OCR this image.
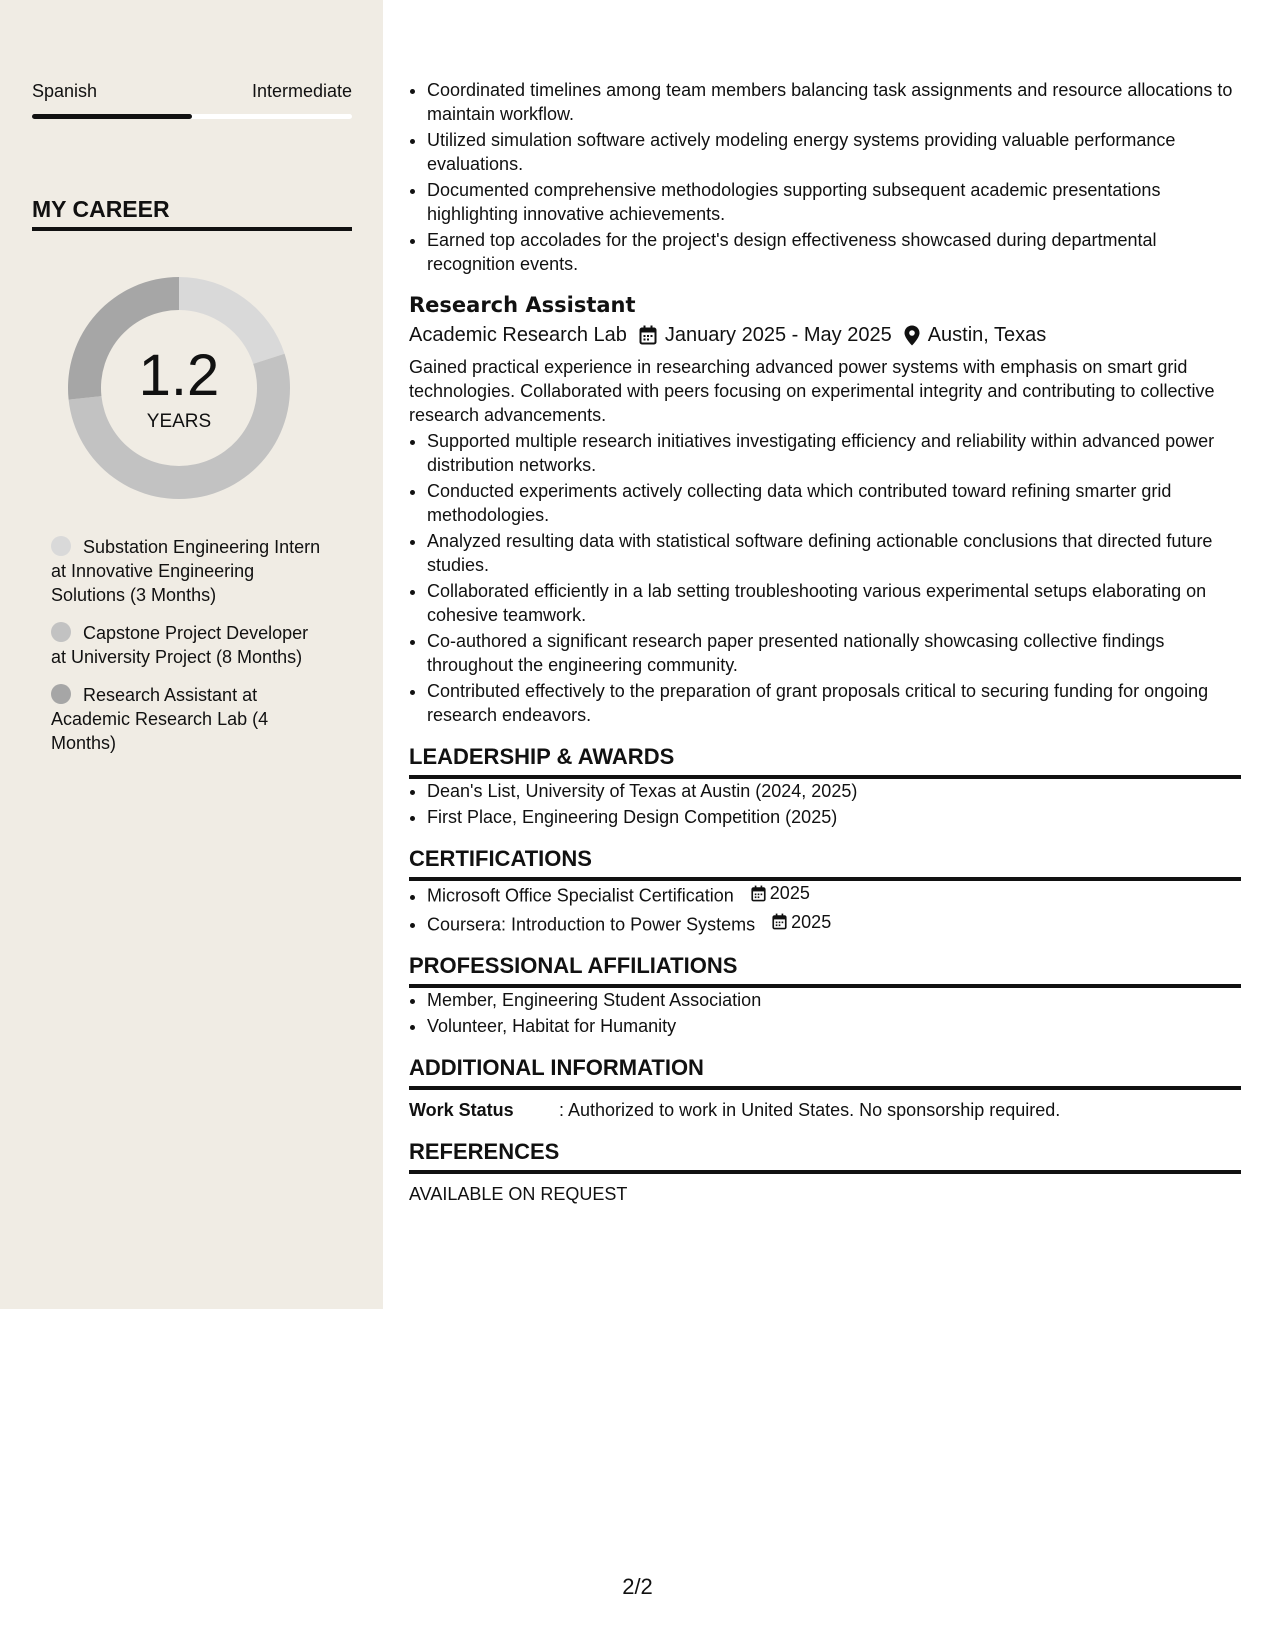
Spanish	Intermediate
MY CAREER
1.2
YEARS
Substation Engineering Intern at Innovative Engineering Solutions (3 Months)
Capstone Project Developer at University Project (8 Months)
Research Assistant at Academic Research Lab (4 Months)
• Coordinated timelines among team members balancing task assignments and resource allocations to maintain workflow.
• Utilized simulation software actively modeling energy systems providing valuable performance evaluations.
• Documented comprehensive methodologies supporting subsequent academic presentations highlighting innovative achievements.
• Earned top accolades for the project's design effectiveness showcased during departmental recognition events.
Research Assistant
Academic Research Lab January 2025 - May 2025 Austin, Texas
Gained practical experience in researching advanced power systems with emphasis on smart grid technologies. Collaborated with peers focusing on experimental integrity and contributing to collective research advancements.
• Supported multiple research initiatives investigating efficiency and reliability within advanced power distribution networks.
• Conducted experiments actively collecting data which contributed toward refining smarter grid methodologies.
• Analyzed resulting data with statistical software defining actionable conclusions that directed future studies.
• Collaborated efficiently in a lab setting troubleshooting various experimental setups elaborating on cohesive teamwork.
• Co-authored a significant research paper presented nationally showcasing collective findings throughout the engineering community.
• Contributed effectively to the preparation of grant proposals critical to securing funding for ongoing research endeavors.
LEADERSHIP & AWARDS
• Dean's List, University of Texas at Austin (2024, 2025)
• First Place, Engineering Design Competition (2025)
CERTIFICATIONS
• Microsoft Office Specialist Certification 2025
• Coursera: Introduction to Power Systems 2025
PROFESSIONAL AFFILIATIONS
• Member, Engineering Student Association
• Volunteer, Habitat for Humanity
ADDITIONAL INFORMATION
Work Status	: Authorized to work in United States. No sponsorship required.
REFERENCES
AVAILABLE ON REQUEST
2/2
